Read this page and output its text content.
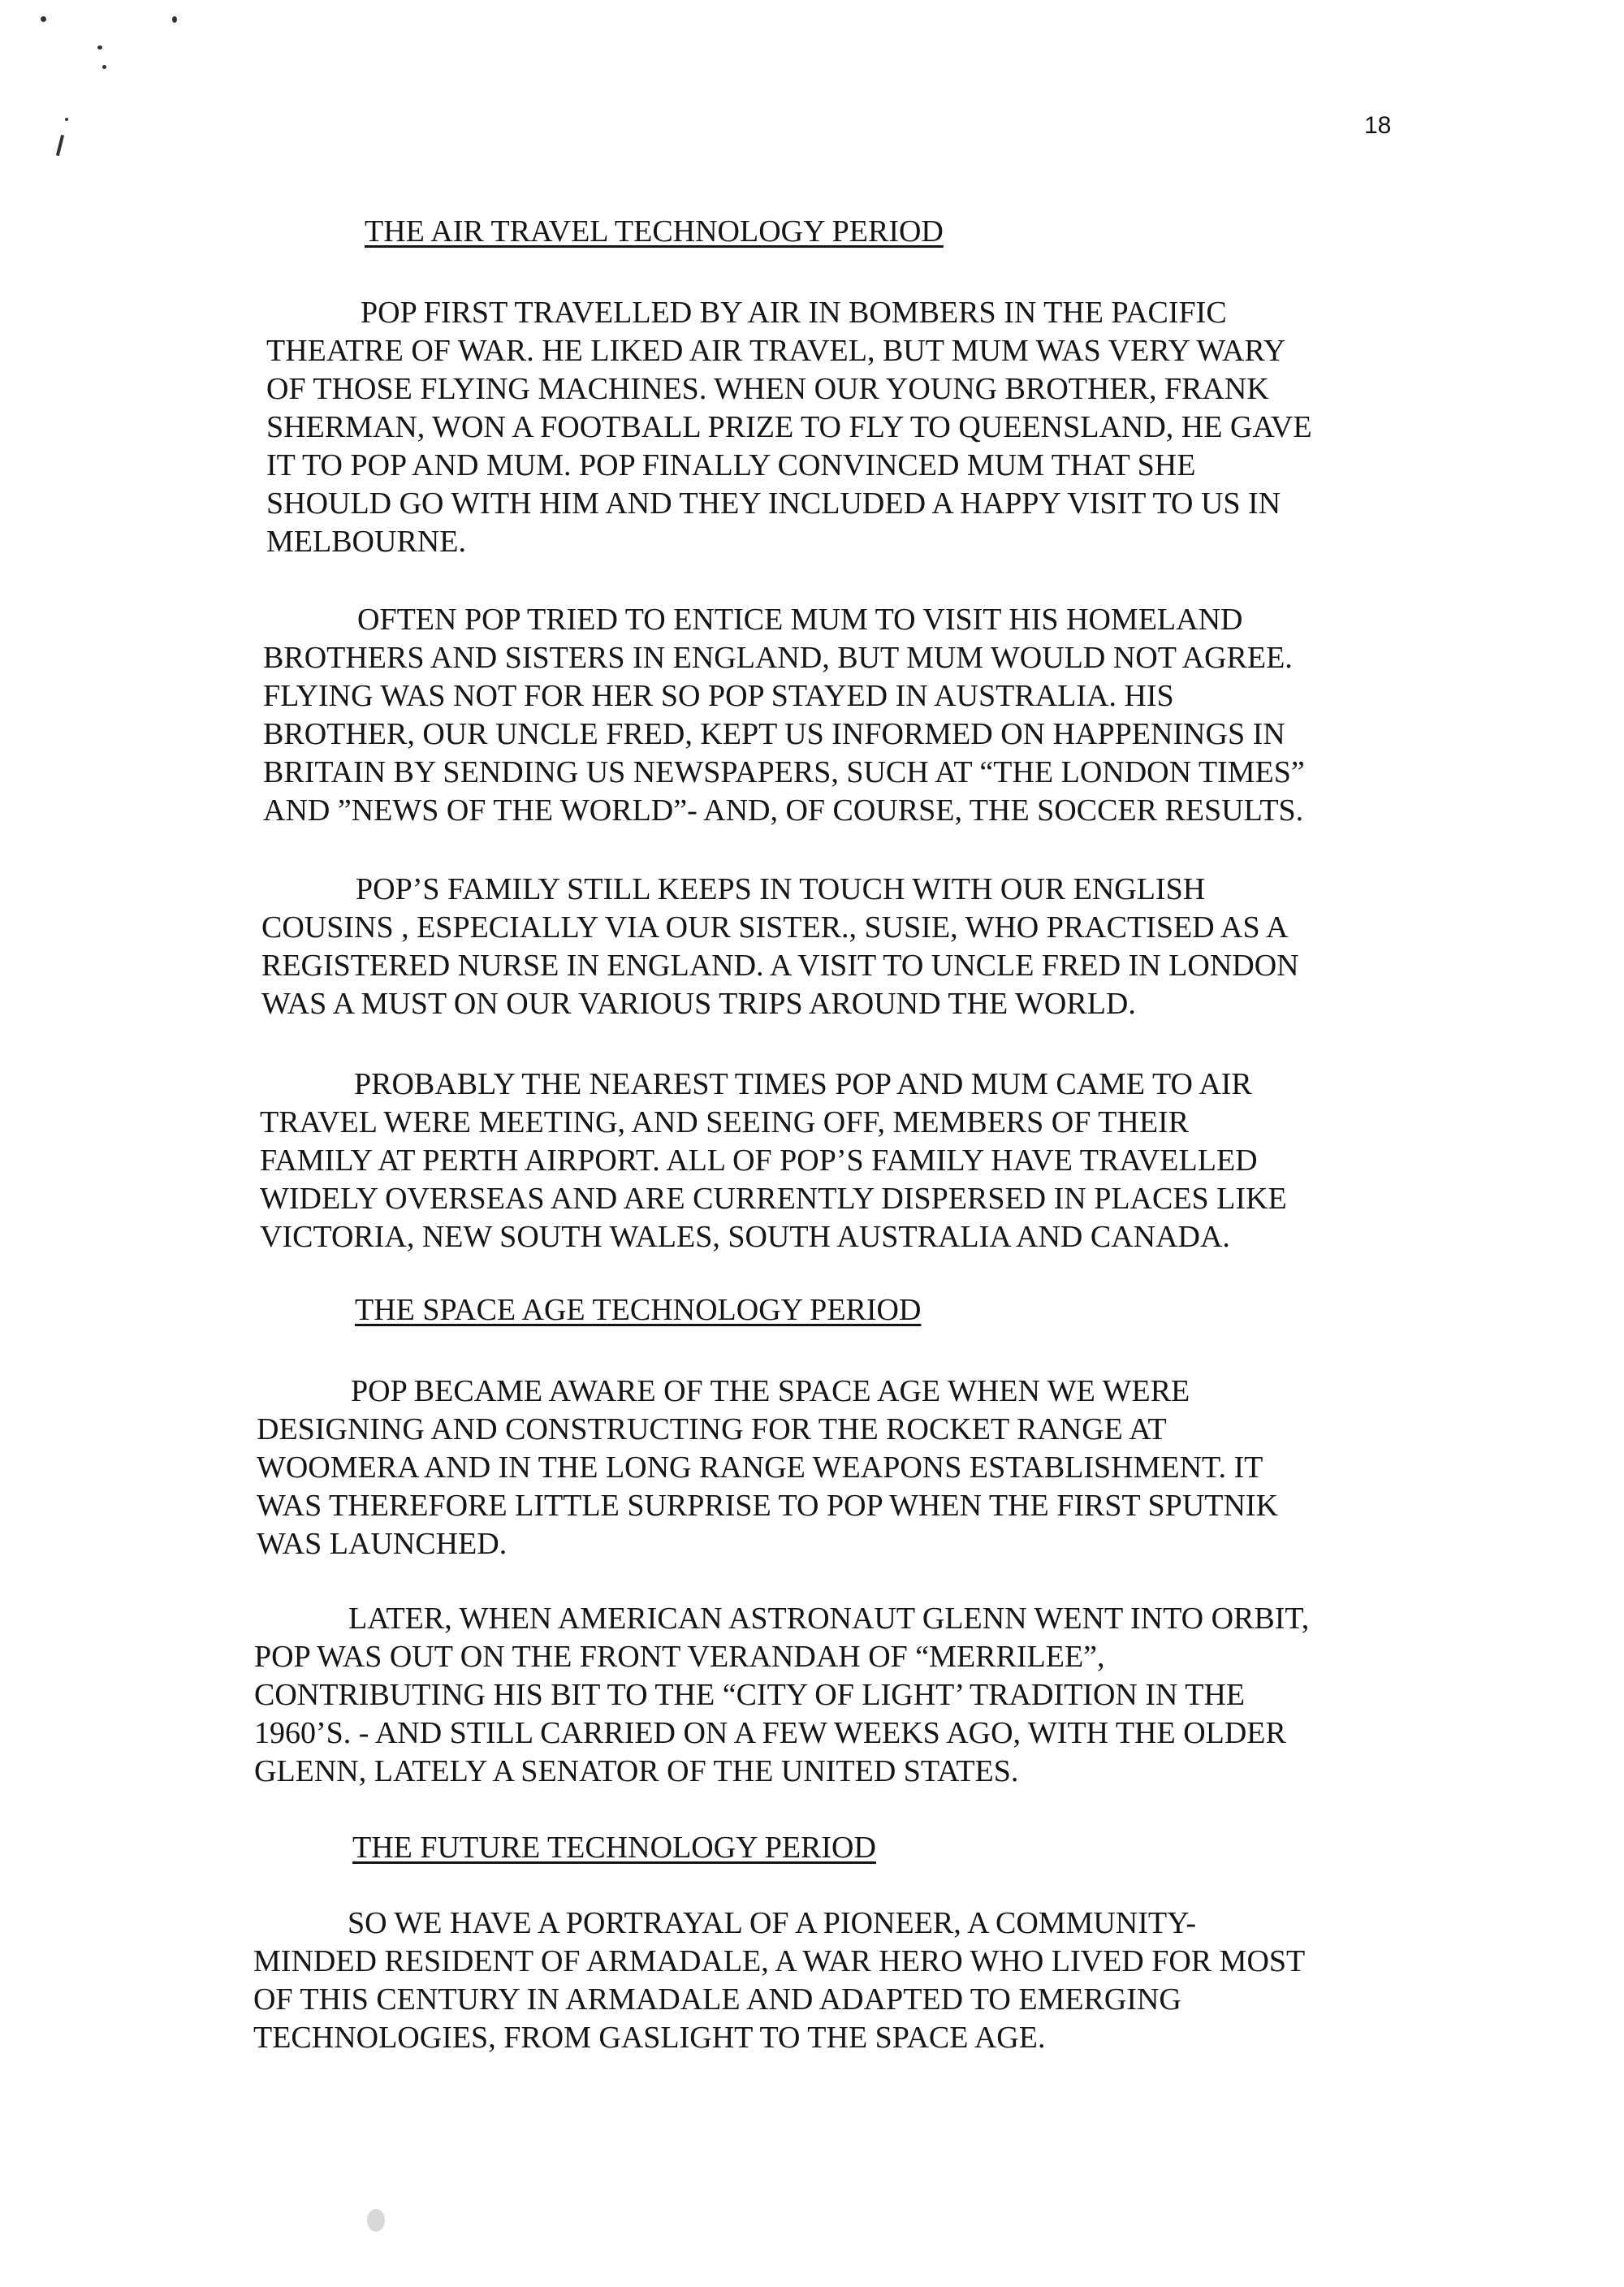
18
THE AIR TRAVEL TECHNOLOGY PERIOD

POP FIRST TRAVELLED BY AIR IN BOMBERS IN THE PACIFIC
THEATRE OF WAR. HE LIKED AIR TRAVEL, BUT MUM WAS VERY WARY
OF THOSE FLYING MACHINES. WHEN OUR YOUNG BROTHER, FRANK
SHERMAN, WON A FOOTBALL PRIZE TO FLY TO QUEENSLAND, HE GAVE
IT TO POP AND MUM. POP FINALLY CONVINCED MUM THAT SHE
SHOULD GO WITH HIM AND THEY INCLUDED A HAPPY VISIT TO US IN
MELBOURNE.

OFTEN POP TRIED TO ENTICE MUM TO VISIT HIS HOMELAND
BROTHERS AND SISTERS IN ENGLAND, BUT MUM WOULD NOT AGREE.
FLYING WAS NOT FOR HER SO POP STAYED IN AUSTRALIA. HIS
BROTHER, OUR UNCLE FRED, KEPT US INFORMED ON HAPPENINGS IN
BRITAIN BY SENDING US NEWSPAPERS, SUCH AT “THE LONDON TIMES”
AND ”NEWS OF THE WORLD”- AND, OF COURSE, THE SOCCER RESULTS.

POP’S FAMILY STILL KEEPS IN TOUCH WITH OUR ENGLISH
COUSINS , ESPECIALLY VIA OUR SISTER., SUSIE, WHO PRACTISED AS A
REGISTERED NURSE IN ENGLAND. A VISIT TO UNCLE FRED IN LONDON
WAS A MUST ON OUR VARIOUS TRIPS AROUND THE WORLD.

PROBABLY THE NEAREST TIMES POP AND MUM CAME TO AIR
TRAVEL WERE MEETING, AND SEEING OFF, MEMBERS OF THEIR
FAMILY AT PERTH AIRPORT. ALL OF POP’S FAMILY HAVE TRAVELLED
WIDELY OVERSEAS AND ARE CURRENTLY DISPERSED IN PLACES LIKE
VICTORIA, NEW SOUTH WALES, SOUTH AUSTRALIA AND CANADA.

THE SPACE AGE TECHNOLOGY PERIOD

POP BECAME AWARE OF THE SPACE AGE WHEN WE WERE
DESIGNING AND CONSTRUCTING FOR THE ROCKET RANGE AT
WOOMERA AND IN THE LONG RANGE WEAPONS ESTABLISHMENT. IT
WAS THEREFORE LITTLE SURPRISE TO POP WHEN THE FIRST SPUTNIK
WAS LAUNCHED.

LATER, WHEN AMERICAN ASTRONAUT GLENN WENT INTO ORBIT,
POP WAS OUT ON THE FRONT VERANDAH OF “MERRILEE”,
CONTRIBUTING HIS BIT TO THE “CITY OF LIGHT’ TRADITION IN THE
1960’S. - AND STILL CARRIED ON A FEW WEEKS AGO, WITH THE OLDER
GLENN, LATELY A SENATOR OF THE UNITED STATES.

THE FUTURE TECHNOLOGY PERIOD

SO WE HAVE A PORTRAYAL OF A PIONEER, A COMMUNITY-
MINDED RESIDENT OF ARMADALE, A WAR HERO WHO LIVED FOR MOST
OF THIS CENTURY IN ARMADALE AND ADAPTED TO EMERGING
TECHNOLOGIES, FROM GASLIGHT TO THE SPACE AGE.
